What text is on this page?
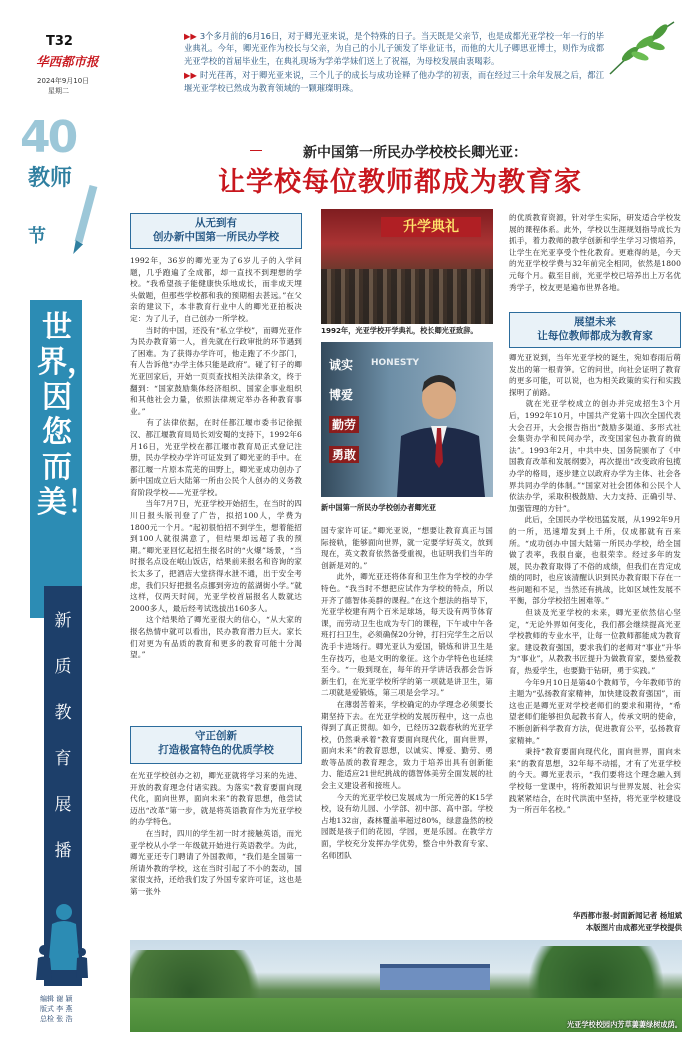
T32
华西都市报
2024年9月10日
星期二
40
教师
节
世界，因您而美！
新质教育展播
编辑 谢 颖
版式 李 燕
总检 张 浩

▶▶ 3个多月前的6月16日，对于卿光亚来说，是个特殊的日子。当天既是父亲节，也是成都光亚学校一年一行的毕业典礼。今年，卿光亚作为校长与父亲，为自己的小儿子颁发了毕业证书，而他的大儿子卿思亚博士，则作为成都光亚学校的首届毕业生，在典礼现场为学弟学妹们送上了祝福，为母校发展由衷喝彩。

▶▶ 时光荏苒，对于卿光亚来说，三个儿子的成长与成功诠释了他办学的初衷，而在经过三十余年发展之后，都江堰光亚学校已然成为教育领域的一颗璀璨明珠。

新中国第一所民办学校校长卿光亚：
让学校每位教师都成为教育家
从无到有
创办新中国第一所民办学校
1992年，36岁的卿光亚为了6岁儿子的入学问题，几乎跑遍了全成都，却一直找不到理想的学校。“我希望孩子能健康快乐地成长，而非成天埋头做题，但那些学校都和我的预期相去甚远。”在父亲的建议下，本非教育行业中人的卿光亚拍板决定：为了儿子，自己创办一所学校。
　　当时的中国，还没有“私立学校”，而卿光亚作为民办教育第一人，首先就在行政审批的环节遇到了困难。为了获得办学许可，他走跑了不少部门，有人告诉他“办学主体只能是政府”。碰了钉子的卿光亚回家后，开始一页页查找相关法律条文，终于翻到：“国家鼓励集体经济组织、国家企事业组织和其他社会力量，依照法律规定举办各种教育事业。”
　　有了法律依据，在时任都江堰市委书记徐振汉、都江堰教育局局长刘安蜀的支持下，1992年6月16日，光亚学校在都江堰市教育局正式登记注册，民办学校办学许可证发到了卿光亚的手中。在都江堰一片原本荒芜的田野上，卿光亚成功创办了新中国成立后大陆第一所由公民个人创办的义务教育阶段学校——光亚学校。
　　当年7月7日，光亚学校开始招生，在当时的四川日报头版刊登了广告，拟招100人，学费为1800元一个月。“起初很怕招不到学生，想着能招到100人就很满意了，但结果却远超了我的预期。”卿光亚回忆起招生报名时的“火爆”场景，“当时报名点设在岷山饭店，结果前来报名和咨询的家长太多了，把酒店大堂挤得水泄不通，出于安全考虑，我们只好把报名点挪到旁边的蓝湖街小学。”就这样，仅两天时间，光亚学校首届报名人数就达2000多人，最后经考试选拔出160多人。
　　这个结果给了卿光亚很大的信心，“从大家的报名热情中就可以看出，民办教育潜力巨大。家长们对更为有品质的教育和更多的教育可能十分渴望。”
守正创新
打造极富特色的优质学校
在光亚学校创办之初，卿光亚就将学习来的先进、开放的教育理念付诸实践。为落实“教育要面向现代化，面向世界，面向未来”的教育思想，他尝试迈出“改革”第一步，就是将英语教育作为光亚学校的办学特色。
　　在当时，四川的学生初一时才接触英语，而光亚学校从小学一年级就开始进行英语教学。为此，卿光亚还专门聘请了外国教师，“我们是全国第一所请外教的学校，这在当时引起了不小的轰动，国家很支持，还给我们发了外国专家许可证，这也是第一张外
升学典礼
1992年，光亚学校开学典礼，校长卿光亚致辞。
诚实 HONESTY
博爱
勤劳
勇敢
新中国第一所民办学校创办者卿光亚
国专家许可证。”卿光亚说，“想要让教育真正与国际接轨，能够面向世界，就一定要学好英文，放到现在，英文教育依然备受重视，也证明我们当年的创新是对的。”
　　此外，卿光亚还将体育和卫生作为学校的办学特色。“我当时不想把应试作为学校的特点，所以开齐了德智体美群的课程。”在这个想法的指导下，光亚学校建有两个百米足球场，每天设有两节体育课，而劳动卫生也成为专门的课程，下午或中午各班打扫卫生，必须确保20分钟，打扫完学生之后以洗手卡进场行。卿光亚认为爱国，锻炼和讲卫生是生存技巧，也是文明的象征。这个办学特色也延续至今。“一般到现在，每年的开学讲话我都会告诉新生们，在光亚学校所学的第一项就是讲卫生，第二项就是爱锻炼，第三项是会学习。”
　　在薄弱苦着来，学校确定的办学理念必须要长期坚持下去。在光亚学校的发展历程中，这一点也得到了真正贯彻。如今，已经历32载春秋的光亚学校，仍然秉承着“教育要面向现代化，面向世界，面向未来”的教育思想，以诚实、博爱、勤劳、勇敢等品质的教育理念，致力于培养出具有创新能力、能适应21世纪挑战的德智体美劳全面发展的社会主义建设者和接班人。
　　今天的光亚学校已发展成为一所完善的K15学校，设有幼儿园、小学部、初中部、高中部。学校占地132亩，森林覆盖率超过80%，绿意盎然的校园既是孩子们的花园，学园，更是乐园。在教学方面，学校充分发挥办学优势，整合中外教育专家、名师团队
的优质教育资源，针对学生实际，研发适合学校发展的课程体系。此外，学校以生涯规划指导成长为抓手，着力教师的教学创新和学生学习习惯培养，让学生在光亚享受个性化教育。更难得的是，今天的光亚学校学费与32年前完全相同，依然是1800元每个月。截至目前，光亚学校已培养出上万名优秀学子，校友更是遍布世界各地。
展望未来
让每位教师都成为教育家
卿光亚说到，当年光亚学校的诞生，宛如春雨后萌发出的第一根青笋。它的问世，向社会证明了教育的更多可能，可以说，也为相关政策的实行和实践探明了前路。
　　就在光亚学校成立的创办并完成招生3个月后，1992年10月，中国共产党第十四次全国代表大会召开，大会报告指出“鼓励多渠道、多形式社会集资办学和民间办学，改变国家包办教育的做法”。1993年2月，中共中央、国务院颁布了《中国教育改革和发展纲要》，再次提出“改变政府包揽办学的格局，逐步建立以政府办学为主体、社会各界共同办学的体制。”“国家对社会团体和公民个人依法办学，采取积极鼓励、大力支持、正确引导、加强管理的方针”。
　　此后，全国民办学校迅猛发展，从1992年9月的一所，迅速增发到上千所，仅成都就有百来所。“成功创办中国大陆第一所民办学校，给全国做了表率，我很自豪，也很荣幸。经过多年的发展，民办教育取得了不俗的成绩，但我们在肯定成绩的同时，也应该清醒认识到民办教育眼下存在一些问题和不足，当然还有挑战，比如区域性发展不平衡，部分学校招生困难等。”
　　但谈及光亚学校的未来，卿光亚依然信心坚定，“无论外界如何变化，我们都会继续提高光亚学校教师的专业水平，让每一位教师都能成为教育家。建设教育强国，要求我们的老师对“事业”升华为“事业”，从教教书匠提升为做教育家，要热爱教育，热爱学生，也要勤于钻研，勇于实践。”
　　今年9月10日是第40个教师节，今年教师节的主题为“弘扬教育家精神，加快建设教育强国”，而这也正是卿光亚对学校老师们的要求和期待，“希望老师们能够担负起教书育人，传承文明的使命，不断创新科学教育方法，促进教育公平，弘扬教育家精神。”
　　秉持“教育要面向现代化，面向世界，面向未来”的教育思想，32年每不动摇，才有了光亚学校的今天。卿光亚表示，“我们要将这个理念融入到学校每一堂课中，将所教知识与世界发展、社会实践紧紧结合，在时代洪流中坚持，将光亚学校建设为一所百年名校。”
华西都市报-封面新闻记者 杨旭斌
本版图片由成都光亚学校提供
光亚学校校园内芳草萋萋绿树成荫。
